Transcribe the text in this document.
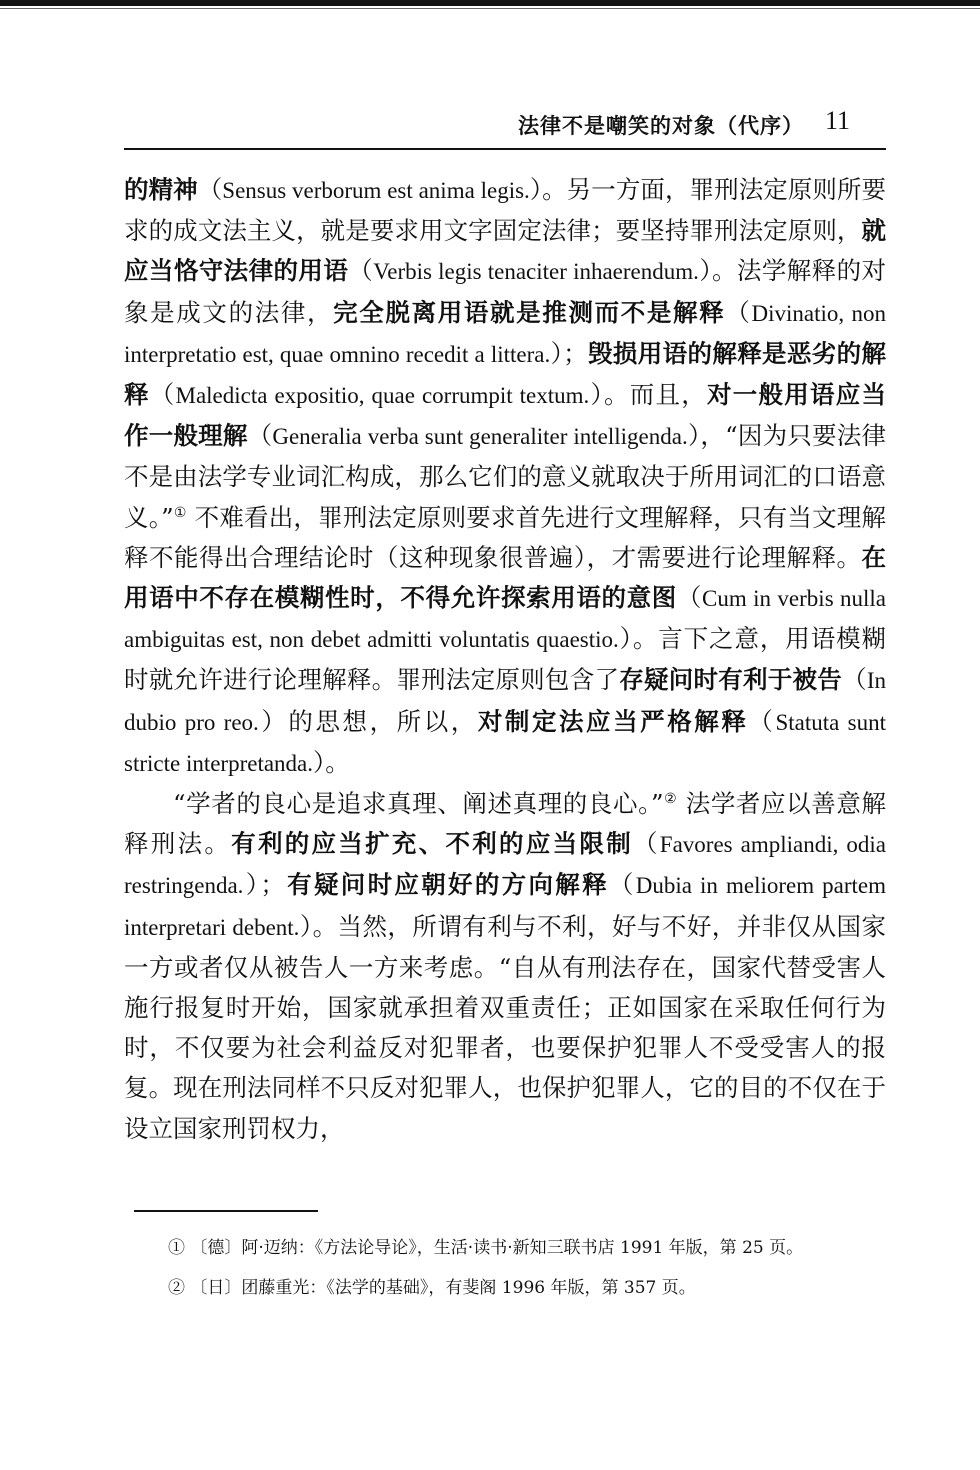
法律不是嘲笑的对象（代序） 11

的精神（Sensus verborum est anima legis.）。另一方面，罪刑法定原则所要求的成文法主义，就是要求用文字固定法律；要坚持罪刑法定原则，就应当恪守法律的用语（Verbis legis tenaciter inhaerendum.）。法学解释的对象是成文的法律，完全脱离用语就是推测而不是解释（Divinatio, non interpretatio est, quae omnino recedit a littera.）；毁损用语的解释是恶劣的解释（Maledicta expositio, quae corrumpit textum.）。而且，对一般用语应当作一般理解（Generalia verba sunt generaliter intelligenda.），“因为只要法律不是由法学专业词汇构成，那么它们的意义就取决于所用词汇的口语意义。”① 不难看出，罪刑法定原则要求首先进行文理解释，只有当文理解释不能得出合理结论时（这种现象很普遍），才需要进行论理解释。在用语中不存在模糊性时，不得允许探索用语的意图（Cum in verbis nulla ambiguitas est, non debet admitti voluntatis quaestio.）。言下之意，用语模糊时就允许进行论理解释。罪刑法定原则包含了存疑问时有利于被告（In dubio pro reo.）的思想，所以，对制定法应当严格解释（Statuta sunt stricte interpretanda.）。

“学者的良心是追求真理、阐述真理的良心。”② 法学者应以善意解释刑法。有利的应当扩充、不利的应当限制（Favores ampliandi, odia restringenda.）；有疑问时应朝好的方向解释（Dubia in meliorem partem interpretari debent.）。当然，所谓有利与不利，好与不好，并非仅从国家一方或者仅从被告人一方来考虑。“自从有刑法存在，国家代替受害人施行报复时开始，国家就承担着双重责任；正如国家在采取任何行为时，不仅要为社会利益反对犯罪者，也要保护犯罪人不受受害人的报复。现在刑法同样不只反对犯罪人，也保护犯罪人，它的目的不仅在于设立国家刑罚权力，

① 〔德〕阿·迈纳：《方法论导论》，生活·读书·新知三联书店 1991 年版，第 25 页。

② 〔日〕团藤重光：《法学的基础》，有斐阁 1996 年版，第 357 页。
